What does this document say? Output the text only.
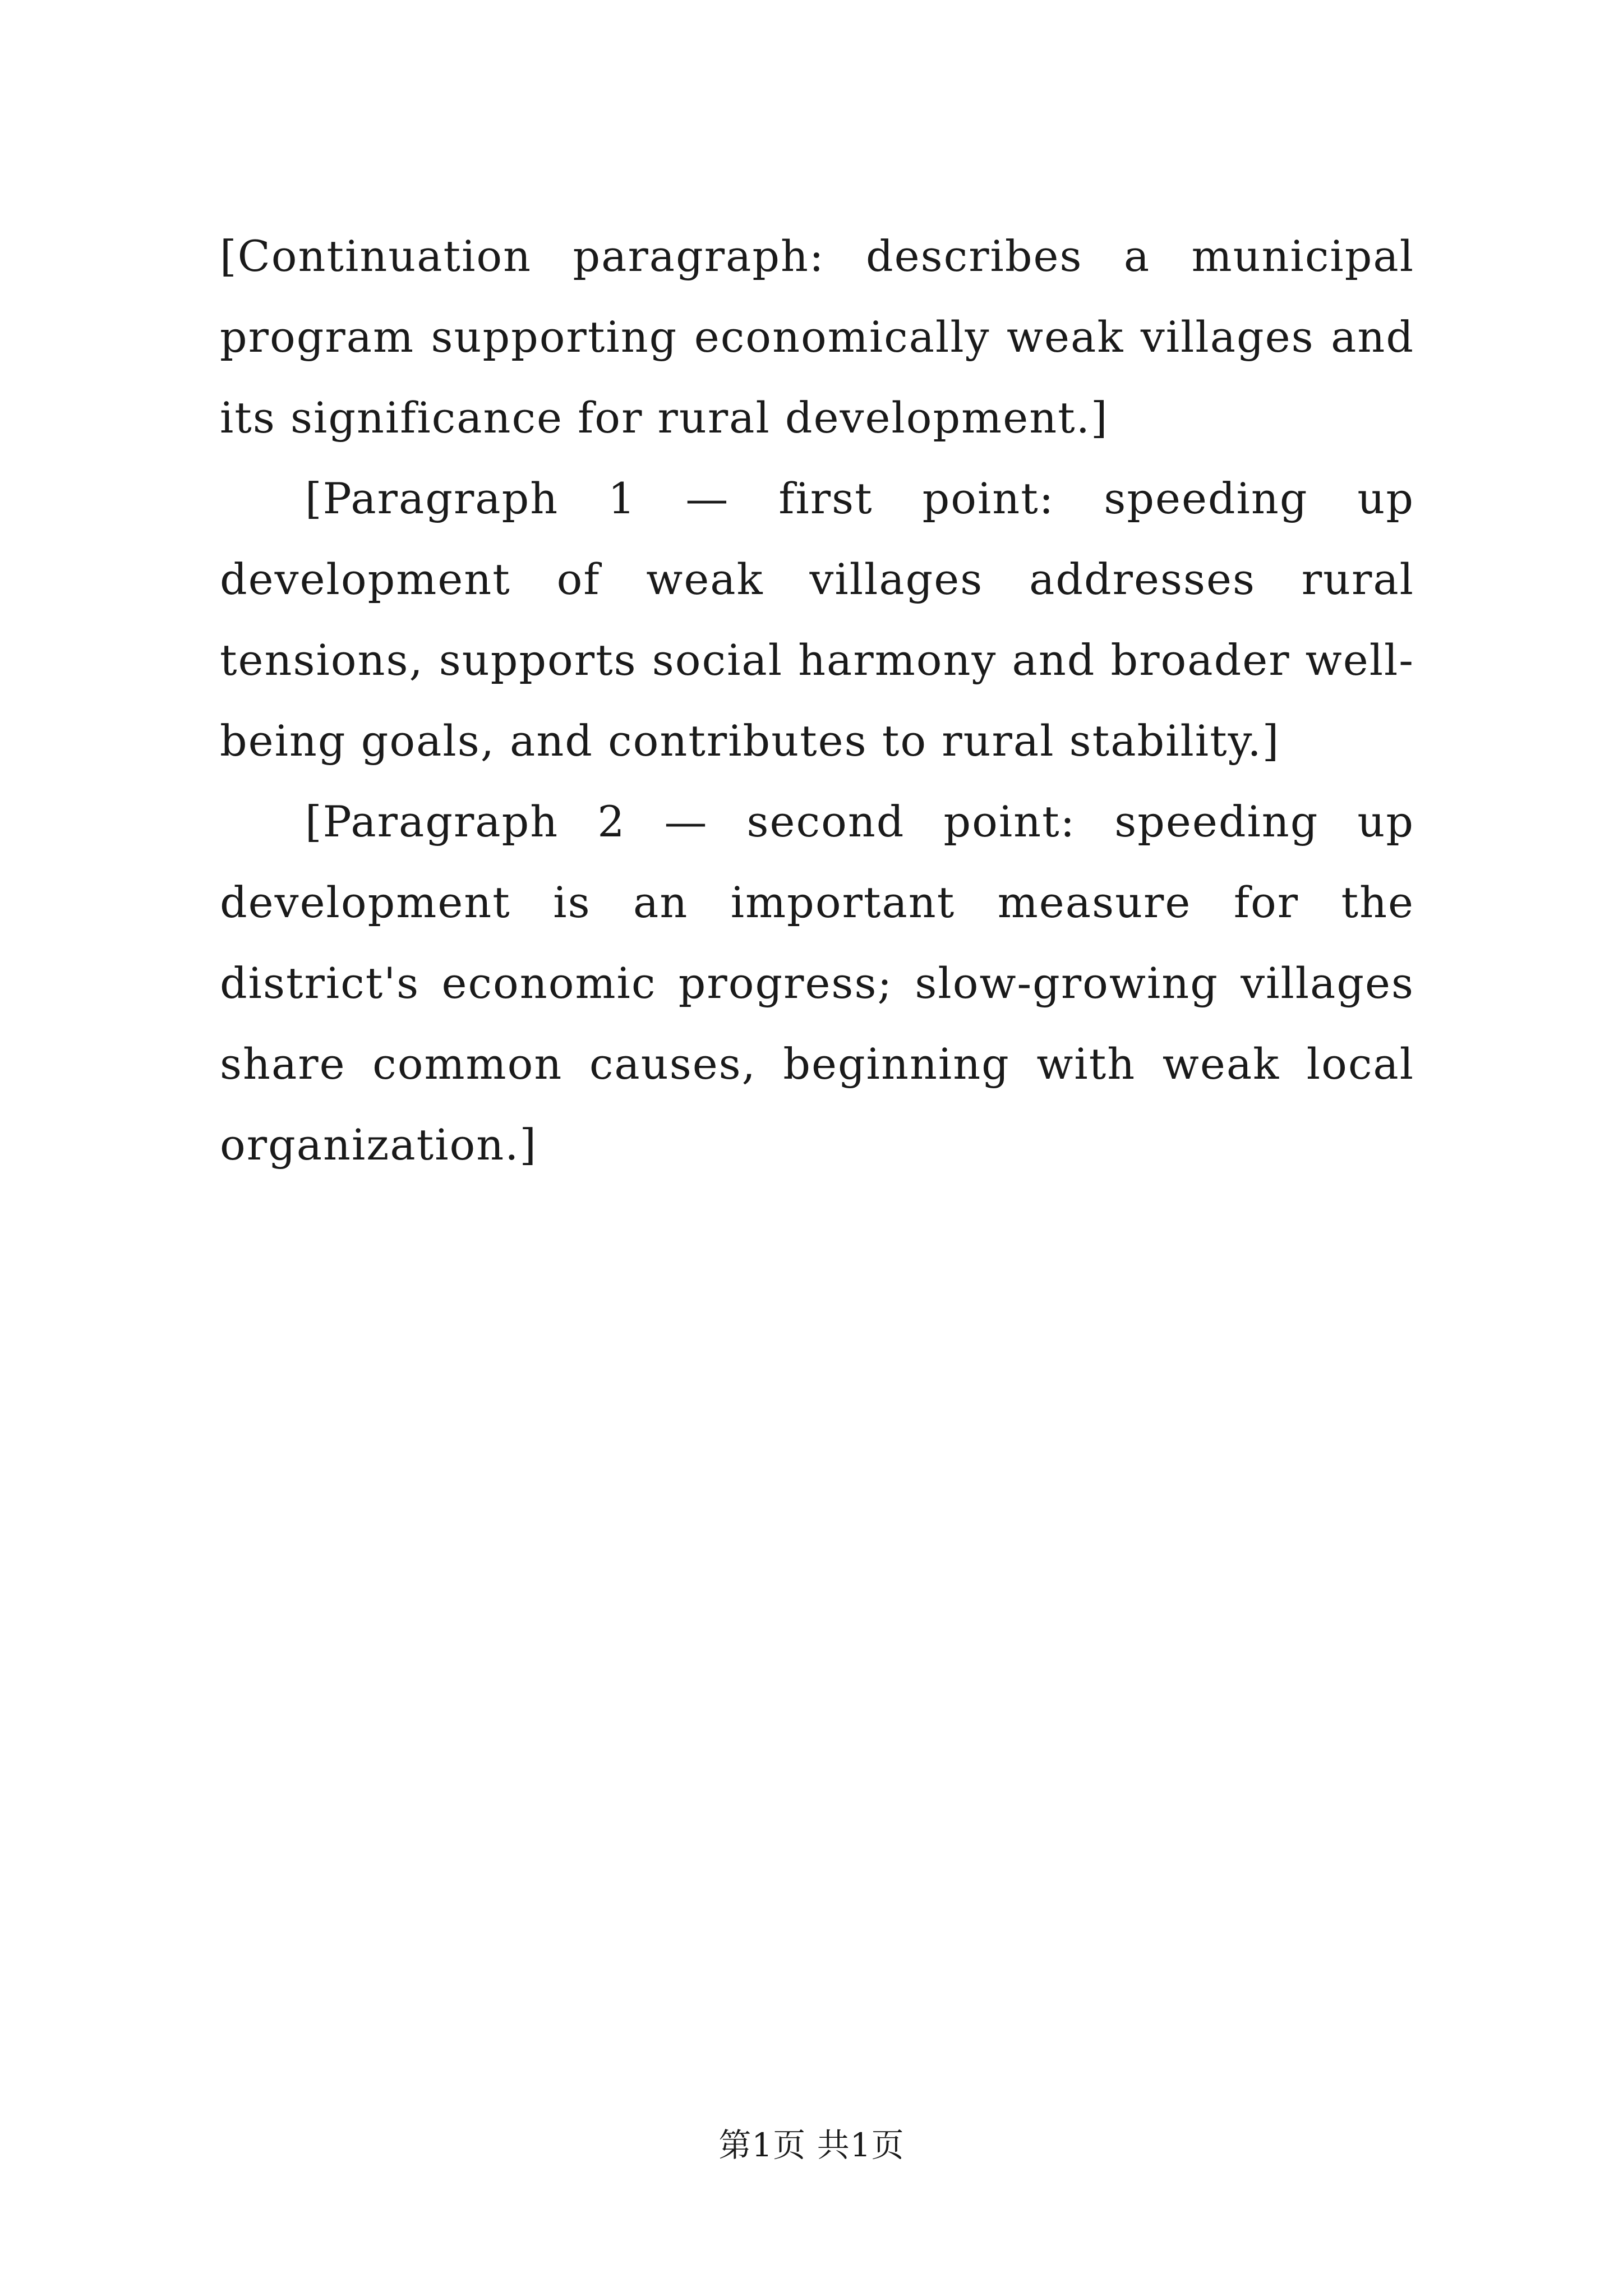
[Continuation paragraph: describes a municipal program supporting economically weak villages and its significance for rural development.]

[Paragraph 1 — first point: speeding up development of weak villages addresses rural tensions, supports social harmony and broader well-being goals, and contributes to rural stability.]

[Paragraph 2 — second point: speeding up development is an important measure for the district's economic progress; slow-growing villages share common causes, beginning with weak local organization.]

第1页 共1页
